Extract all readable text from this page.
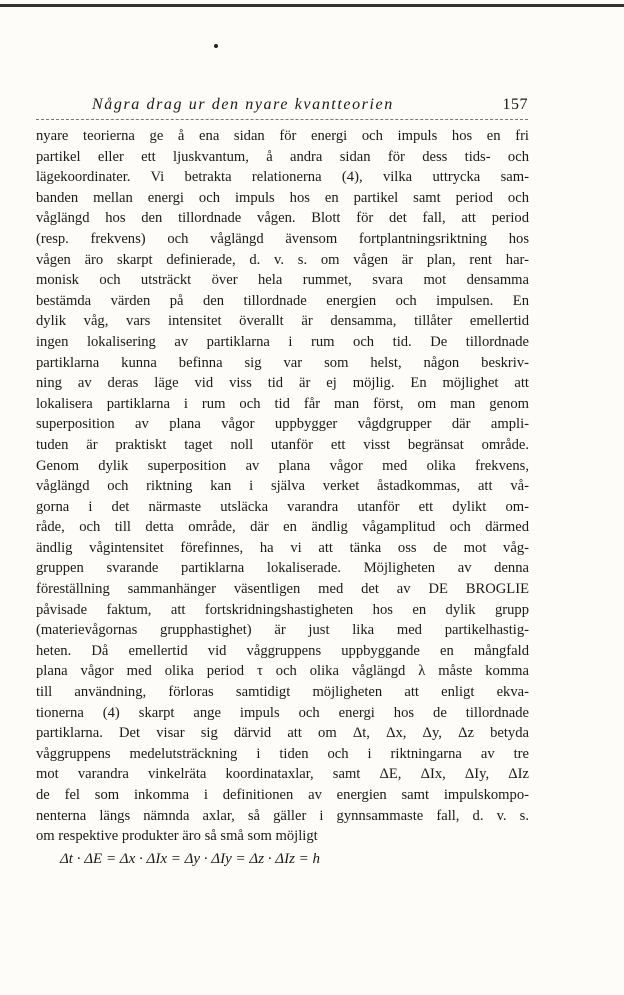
Några drag ur den nyare kvantteorien	157
nyare teorierna ge å ena sidan för energi och impuls hos en fri
partikel eller ett ljuskvantum, å andra sidan för dess tids- och
lägekoordinater. Vi betrakta relationerna (4), vilka uttrycka sam-
banden mellan energi och impuls hos en partikel samt period och
våglängd hos den tillordnade vågen. Blott för det fall, att period
(resp. frekvens) och våglängd ävensom fortplantningsriktning hos
vågen äro skarpt definierade, d. v. s. om vågen är plan, rent har-
monisk och utsträckt över hela rummet, svara mot densamma
bestämda värden på den tillordnade energien och impulsen. En
dylik våg, vars intensitet överallt är densamma, tillåter emellertid
ingen lokalisering av partiklarna i rum och tid. De tillordnade
partiklarna kunna befinna sig var som helst, någon beskriv-
ning av deras läge vid viss tid är ej möjlig. En möjlighet att
lokalisera partiklarna i rum och tid får man först, om man genom
superposition av plana vågor uppbygger vågdgrupper där ampli-
tuden är praktiskt taget noll utanför ett visst begränsat område.
Genom dylik superposition av plana vågor med olika frekvens,
våglängd och riktning kan i själva verket åstadkommas, att vå-
gorna i det närmaste utsläcka varandra utanför ett dylikt om-
råde, och till detta område, där en ändlig vågamplitud och därmed
ändlig vågintensitet förefinnes, ha vi att tänka oss de mot våg-
gruppen svarande partiklarna lokaliserade. Möjligheten av denna
föreställning sammanhänger väsentligen med det av DE BROGLIE
påvisade faktum, att fortskridningshastigheten hos en dylik grupp
(materievågornas grupphastighet) är just lika med partikelhastig-
heten. Då emellertid vid våggruppens uppbyggande en mångfald
plana vågor med olika period τ och olika våglängd λ måste komma
till användning, förloras samtidigt möjligheten att enligt ekva-
tionerna (4) skarpt ange impuls och energi hos de tillordnade
partiklarna. Det visar sig därvid att om Δt, Δx, Δy, Δz betyda
våggruppens medelutsträckning i tiden och i riktningarna av tre
mot varandra vinkelräta koordinataxlar, samt ΔE, ΔIx, ΔIy, ΔIz
de fel som inkomma i definitionen av energien samt impulskompo-
nenterna längs nämnda axlar, så gäller i gynnsammaste fall, d. v. s.
om respektive produkter äro så små som möjligt
Δt · ΔE = Δx · ΔIx = Δy · ΔIy = Δz · ΔIz = h
